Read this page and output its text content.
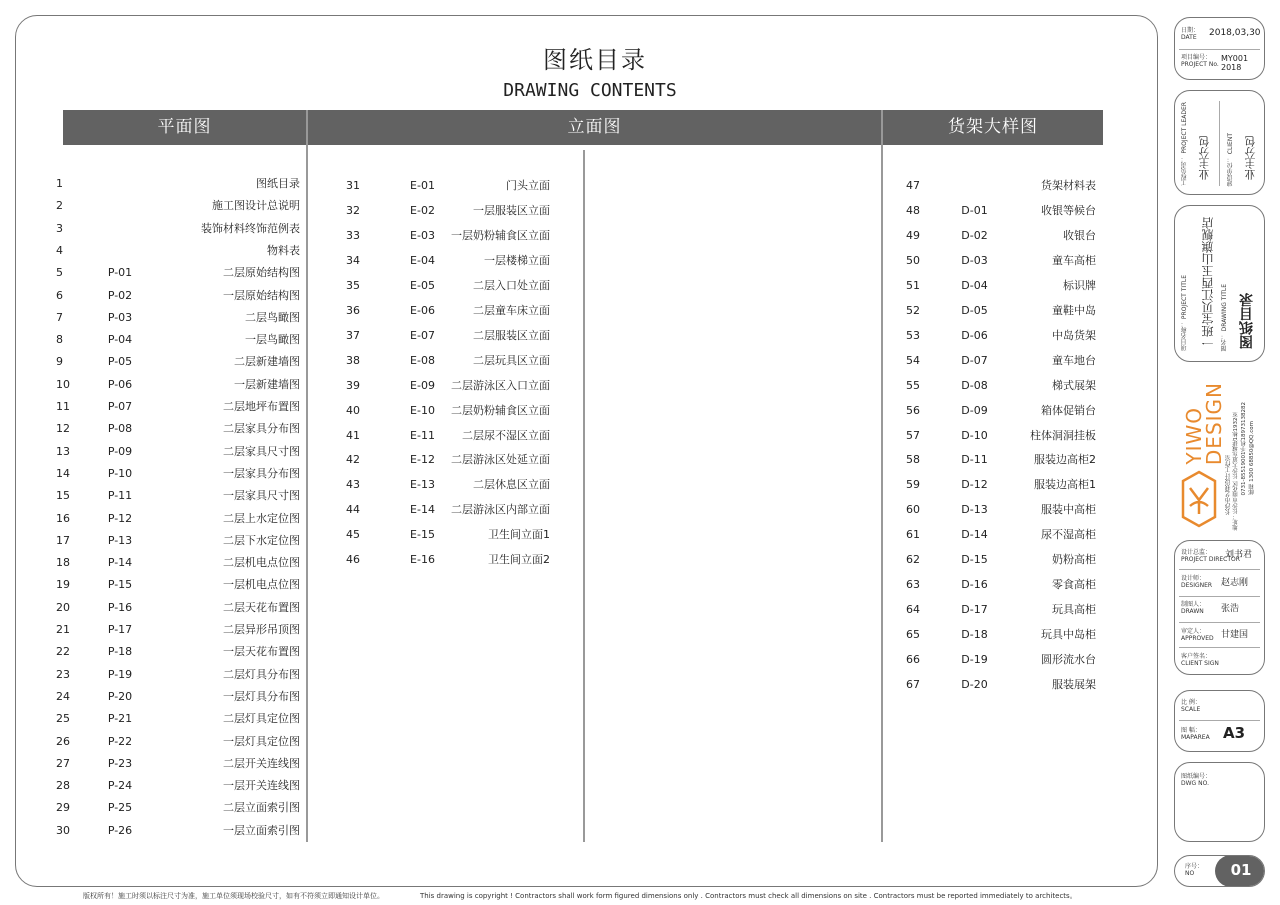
图纸目录
DRAWING CONTENTS
平面图	立面图	货架大样图
1	图纸目录
2	施工图设计总说明
3	装饰材料终饰范例表
4	物料表
5	P-01	二层原始结构图
6	P-02	一层原始结构图
7	P-03	二层鸟瞰图
8	P-04	一层鸟瞰图
9	P-05	二层新建墙图
10	P-06	一层新建墙图
11	P-07	二层地坪布置图
12	P-08	二层家具分布图
13	P-09	二层家具尺寸图
14	P-10	一层家具分布图
15	P-11	一层家具尺寸图
16	P-12	二层上水定位图
17	P-13	二层下水定位图
18	P-14	二层机电点位图
19	P-15	一层机电点位图
20	P-16	二层天花布置图
21	P-17	二层异形吊顶图
22	P-18	一层天花布置图
23	P-19	二层灯具分布图
24	P-20	一层灯具分布图
25	P-21	二层灯具定位图
26	P-22	一层灯具定位图
27	P-23	二层开关连线图
28	P-24	一层开关连线图
29	P-25	二层立面索引图
30	P-26	一层立面索引图
31	E-01	门头立面
32	E-02	一层服装区立面
33	E-03	一层奶粉辅食区立面
34	E-04	一层楼梯立面
35	E-05	二层入口处立面
36	E-06	二层童车床立面
37	E-07	二层服装区立面
38	E-08	二层玩具区立面
39	E-09	二层游泳区入口立面
40	E-10	二层奶粉辅食区立面
41	E-11	二层尿不湿区立面
42	E-12	二层游泳区处延立面
43	E-13	二层休息区立面
44	E-14	二层游泳区内部立面
45	E-15	卫生间立面1
46	E-16	卫生间立面2
47	货架材料表
48	D-01	收银等候台
49	D-02	收银台
50	D-03	童车高柜
51	D-04	标识牌
52	D-05	童鞋中岛
53	D-06	中岛货架
54	D-07	童车地台
55	D-08	梯式展架
56	D-09	箱体促销台
57	D-10	柱体洞洞挂板
58	D-11	服装边高柜2
59	D-12	服装边高柜1
60	D-13	服装中高柜
61	D-14	尿不湿高柜
62	D-15	奶粉高柜
63	D-16	零食高柜
64	D-17	玩具高柜
65	D-18	玩具中岛柜
66	D-19	圆形流水台
67	D-20	服装展架
日期：
DATE 2018,03,30
项目编号：
PROJECT No.
MY001 2018
工程负责： PROJECT LEADER
业主分包	建设单位： CLIENT 业主分包
项目名称： PROJECT TITLE 一班宝贝江西玉山旗舰店 图名： DRAWING TITLE 图纸目录
YIWO
DESIGN
长沙市艺我设计工作室 地址：长沙市雨花区 长沙大道东城建1栋1932室 0731-85519001手机18973138282 邮箱 1300 68850@QQ.com
设计总监：
PROJECT DIRECTOR
刘书君
设计师：
DESIGNER 赵志刚
制图人：
DRAWN 张浩
审定人：
APPROVED 甘建国
客户签名：
CLIENT SIGN
比 例：
SCALE
图 幅：
MAPAREA A3
图纸编号：
DWG NO.
序号：
NO	01
版权所有！施工时须以标注尺寸为准，施工单位须现场校验尺寸，如有不符须立即通知设计单位。	This drawing is copyright ! Contractors shall work form figured dimensions only . Contractors must check all dimensions on site . Contractors must be reported immediately to architects。
